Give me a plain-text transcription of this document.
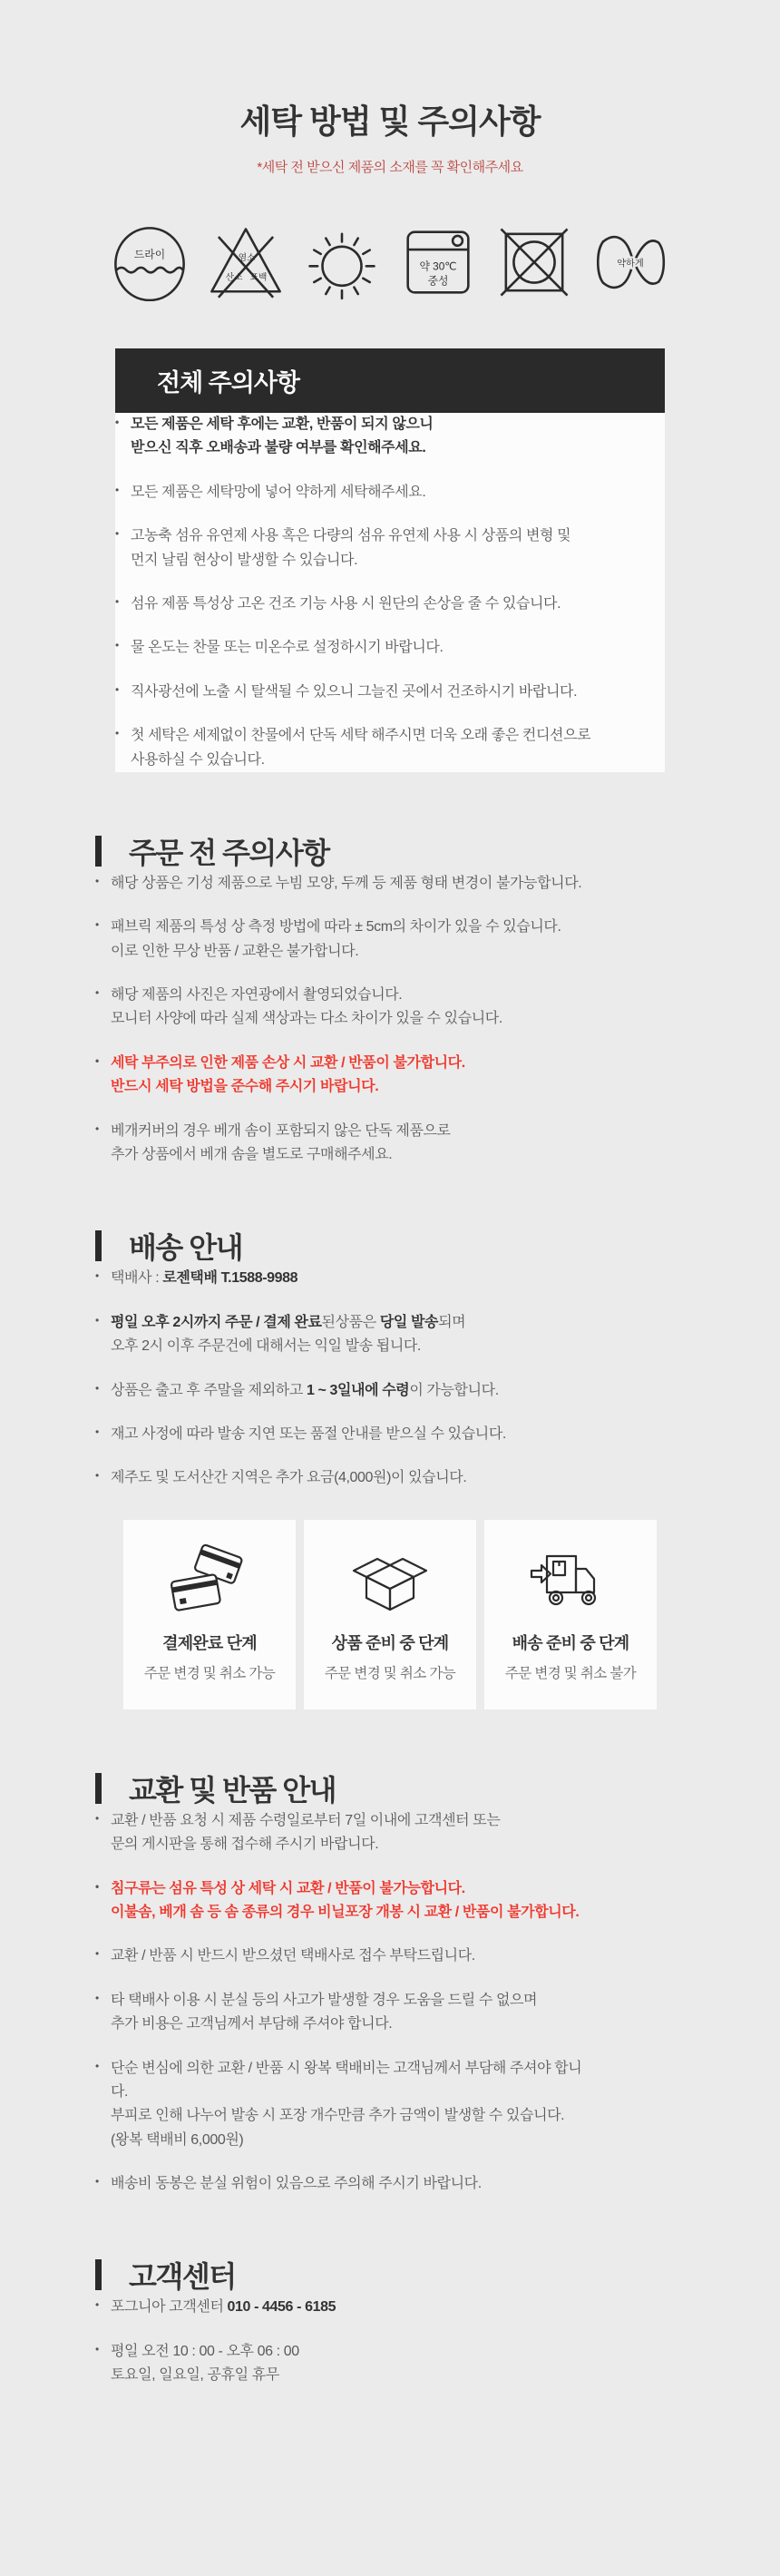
세탁 방법 및 주의사항

*세탁 전 받으신 제품의 소재를 꼭 확인해주세요

드라이	염소
산소 표백
약 30℃
중성
약하게
전체 주의사항
• 모든 제품은 세탁 후에는 교환, 반품이 되지 않으니
받으신 직후 오배송과 불량 여부를 확인해주세요.
• 모든 제품은 세탁망에 넣어 약하게 세탁해주세요.
• 고농축 섬유 유연제 사용 혹은 다량의 섬유 유연제 사용 시 상품의 변형 및
먼지 날림 현상이 발생할 수 있습니다.
• 섬유 제품 특성상 고온 건조 기능 사용 시 원단의 손상을 줄 수 있습니다.
• 물 온도는 찬물 또는 미온수로 설정하시기 바랍니다.
• 직사광선에 노출 시 탈색될 수 있으니 그늘진 곳에서 건조하시기 바랍니다.
• 첫 세탁은 세제없이 찬물에서 단독 세탁 해주시면 더욱 오래 좋은 컨디션으로
사용하실 수 있습니다.
주문 전 주의사항
• 해당 상품은 기성 제품으로 누빔 모양, 두께 등 제품 형태 변경이 불가능합니다.
• 패브릭 제품의 특성 상 측정 방법에 따라 ± 5cm의 차이가 있을 수 있습니다.
이로 인한 무상 반품 / 교환은 불가합니다.
• 해당 제품의 사진은 자연광에서 촬영되었습니다.
모니터 사양에 따라 실제 색상과는 다소 차이가 있을 수 있습니다.
• 세탁 부주의로 인한 제품 손상 시 교환 / 반품이 불가합니다.
반드시 세탁 방법을 준수해 주시기 바랍니다.
• 베개커버의 경우 베개 솜이 포함되지 않은 단독 제품으로
추가 상품에서 베개 솜을 별도로 구매해주세요.
배송 안내
• 택배사 : 로젠택배 T.1588-9988
• 평일 오후 2시까지 주문 / 결제 완료된상품은 당일 발송되며
오후 2시 이후 주문건에 대해서는 익일 발송 됩니다.
• 상품은 출고 후 주말을 제외하고 1 ~ 3일내에 수령이 가능합니다.
• 재고 사정에 따라 발송 지연 또는 품절 안내를 받으실 수 있습니다.
• 제주도 및 도서산간 지역은 추가 요금(4,000원)이 있습니다.

결제완료 단계

주문 변경 및 취소 가능

상품 준비 중 단계

주문 변경 및 취소 가능

배송 준비 중 단계

주문 변경 및 취소 불가

교환 및 반품 안내
• 교환 / 반품 요청 시 제품 수령일로부터 7일 이내에 고객센터 또는
문의 게시판을 통해 접수해 주시기 바랍니다.
• 침구류는 섬유 특성 상 세탁 시 교환 / 반품이 불가능합니다.
이불솜, 베개 솜 등 솜 종류의 경우 비닐포장 개봉 시 교환 / 반품이 불가합니다.
• 교환 / 반품 시 반드시 받으셨던 택배사로 접수 부탁드립니다.
• 타 택배사 이용 시 분실 등의 사고가 발생할 경우 도움을 드릴 수 없으며
추가 비용은 고객님께서 부담해 주셔야 합니다.
• 단순 변심에 의한 교환 / 반품 시 왕복 택배비는 고객님께서 부담해 주셔야 합니다.
부피로 인해 나누어 발송 시 포장 개수만큼 추가 금액이 발생할 수 있습니다.
(왕복 택배비 6,000원)
• 배송비 동봉은 분실 위험이 있음으로 주의해 주시기 바랍니다.
고객센터
• 포그니아 고객센터 010 - 4456 - 6185
• 평일 오전 10 : 00 - 오후 06 : 00
토요일, 일요일, 공휴일 휴무
